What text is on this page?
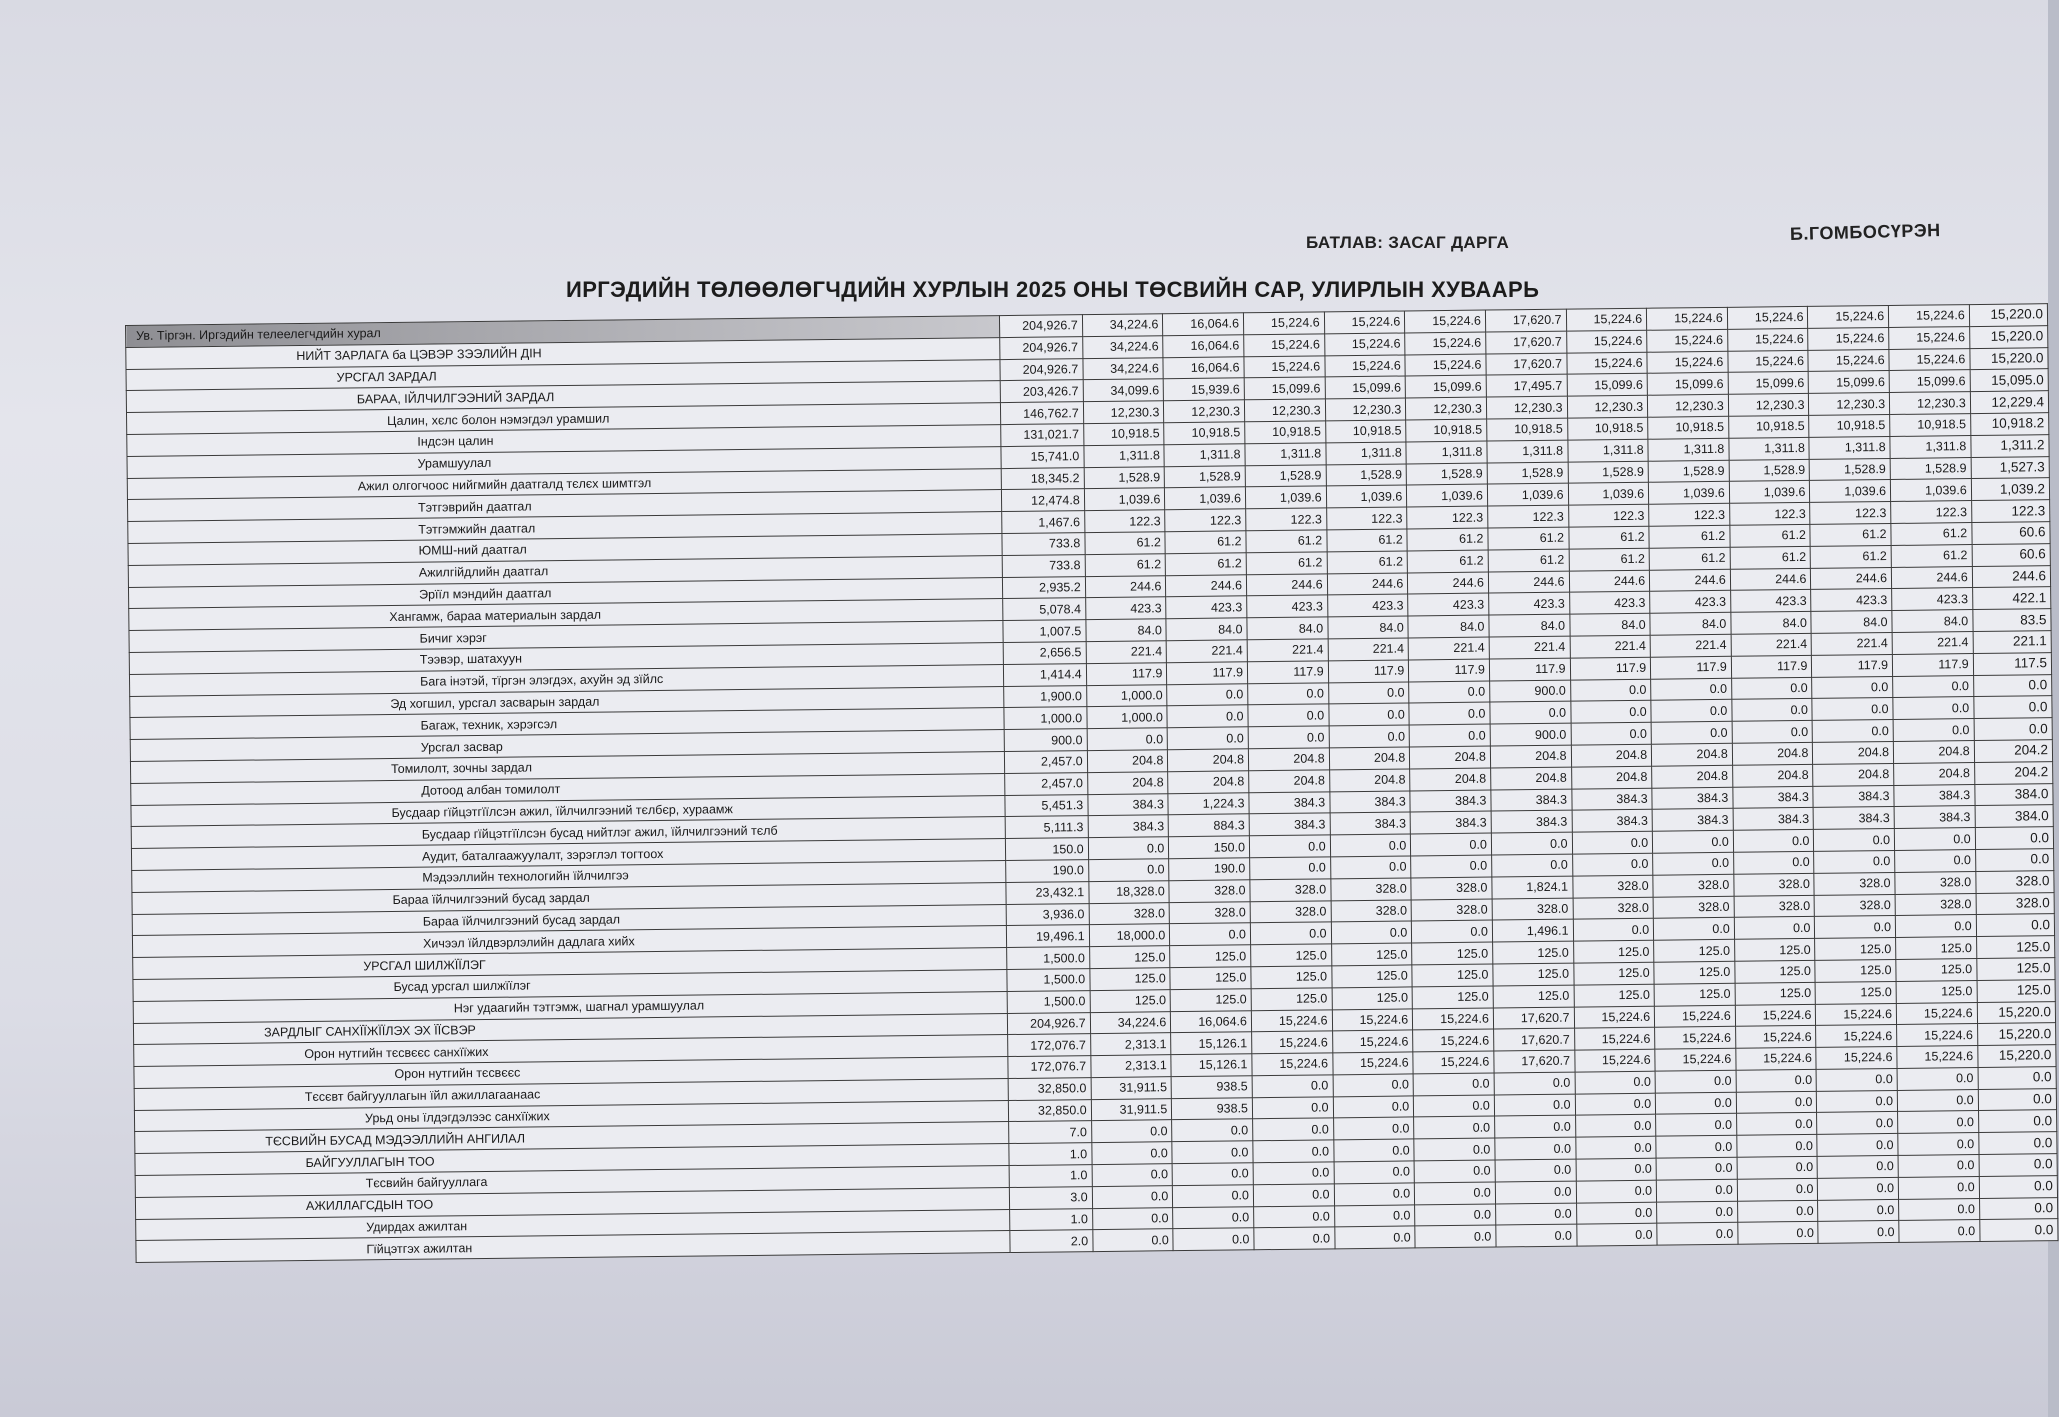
БАТЛАВ: ЗАСАГ ДАРГА	Б.ГОМБОСҮРЭН
ИРГЭДИЙН ТӨЛӨӨЛӨГЧДИЙН ХУРЛЫН 2025 ОНЫ ТӨСВИЙН САР, УЛИРЛЫН ХУВААРЬ
Ув. Тіргэн. Иргэдийн телеелегчдийн хурал	204,926.7	34,224.6	16,064.6	15,224.6	15,224.6	15,224.6	17,620.7	15,224.6	15,224.6	15,224.6	15,224.6	15,224.6	15,220.0
НИЙТ ЗАРЛАГА ба ЦЭВЭР ЗЭЭЛИЙН ДІН	204,926.7	34,224.6	16,064.6	15,224.6	15,224.6	15,224.6	17,620.7	15,224.6	15,224.6	15,224.6	15,224.6	15,224.6	15,220.0
УРСГАЛ ЗАРДАЛ	204,926.7	34,224.6	16,064.6	15,224.6	15,224.6	15,224.6	17,620.7	15,224.6	15,224.6	15,224.6	15,224.6	15,224.6	15,220.0
БАРАА, ІЙЛЧИЛГЭЭНИЙ ЗАРДАЛ	203,426.7	34,099.6	15,939.6	15,099.6	15,099.6	15,099.6	17,495.7	15,099.6	15,099.6	15,099.6	15,099.6	15,099.6	15,095.0
Цалин, хєлс болон нэмэгдэл урамшил	146,762.7	12,230.3	12,230.3	12,230.3	12,230.3	12,230.3	12,230.3	12,230.3	12,230.3	12,230.3	12,230.3	12,230.3	12,229.4
Індсэн цалин	131,021.7	10,918.5	10,918.5	10,918.5	10,918.5	10,918.5	10,918.5	10,918.5	10,918.5	10,918.5	10,918.5	10,918.5	10,918.2
Урамшуулал	15,741.0	1,311.8	1,311.8	1,311.8	1,311.8	1,311.8	1,311.8	1,311.8	1,311.8	1,311.8	1,311.8	1,311.8	1,311.2
Ажил олгогчоос нийгмийн даатгалд тєлєх шимтгэл	18,345.2	1,528.9	1,528.9	1,528.9	1,528.9	1,528.9	1,528.9	1,528.9	1,528.9	1,528.9	1,528.9	1,528.9	1,527.3
Тэтгэврийн даатгал	12,474.8	1,039.6	1,039.6	1,039.6	1,039.6	1,039.6	1,039.6	1,039.6	1,039.6	1,039.6	1,039.6	1,039.6	1,039.2
Тэтгэмжийн даатгал	1,467.6	122.3	122.3	122.3	122.3	122.3	122.3	122.3	122.3	122.3	122.3	122.3	122.3
ЮМШ-ний даатгал	733.8	61.2	61.2	61.2	61.2	61.2	61.2	61.2	61.2	61.2	61.2	61.2	60.6
Ажилгійдлийн даатгал	733.8	61.2	61.2	61.2	61.2	61.2	61.2	61.2	61.2	61.2	61.2	61.2	60.6
Эрїїл мэндийн даатгал	2,935.2	244.6	244.6	244.6	244.6	244.6	244.6	244.6	244.6	244.6	244.6	244.6	244.6
Хангамж, бараа материалын зардал	5,078.4	423.3	423.3	423.3	423.3	423.3	423.3	423.3	423.3	423.3	423.3	423.3	422.1
Бичиг хэрэг	1,007.5	84.0	84.0	84.0	84.0	84.0	84.0	84.0	84.0	84.0	84.0	84.0	83.5
Тээвэр, шатахуун	2,656.5	221.4	221.4	221.4	221.4	221.4	221.4	221.4	221.4	221.4	221.4	221.4	221.1
Бага інэтэй, тїргэн элэгдэх, ахуйн эд зїйлс	1,414.4	117.9	117.9	117.9	117.9	117.9	117.9	117.9	117.9	117.9	117.9	117.9	117.5
Эд хогшил, урсгал засварын зардал	1,900.0	1,000.0	0.0	0.0	0.0	0.0	900.0	0.0	0.0	0.0	0.0	0.0	0.0
Багаж, техник, хэрэгсэл	1,000.0	1,000.0	0.0	0.0	0.0	0.0	0.0	0.0	0.0	0.0	0.0	0.0	0.0
Урсгал засвар	900.0	0.0	0.0	0.0	0.0	0.0	900.0	0.0	0.0	0.0	0.0	0.0	0.0
Томилолт, зочны зардал	2,457.0	204.8	204.8	204.8	204.8	204.8	204.8	204.8	204.8	204.8	204.8	204.8	204.2
Дотоод албан томилолт	2,457.0	204.8	204.8	204.8	204.8	204.8	204.8	204.8	204.8	204.8	204.8	204.8	204.2
Бусдаар гїйцэтгїїлсэн ажил, їйлчилгээний тєлбєр, хураамж	5,451.3	384.3	1,224.3	384.3	384.3	384.3	384.3	384.3	384.3	384.3	384.3	384.3	384.0
Бусдаар гїйцэтгїїлсэн бусад нийтлэг ажил, їйлчилгээний тєлб	5,111.3	384.3	884.3	384.3	384.3	384.3	384.3	384.3	384.3	384.3	384.3	384.3	384.0
Аудит, баталгаажуулалт, зэрэглэл тогтоох	150.0	0.0	150.0	0.0	0.0	0.0	0.0	0.0	0.0	0.0	0.0	0.0	0.0
Мэдээллийн технологийн їйлчилгээ	190.0	0.0	190.0	0.0	0.0	0.0	0.0	0.0	0.0	0.0	0.0	0.0	0.0
Бараа їйлчилгээний бусад зардал	23,432.1	18,328.0	328.0	328.0	328.0	328.0	1,824.1	328.0	328.0	328.0	328.0	328.0	328.0
Бараа їйлчилгээний бусад зардал	3,936.0	328.0	328.0	328.0	328.0	328.0	328.0	328.0	328.0	328.0	328.0	328.0	328.0
Хичээл їйлдвэрлэлийн дадлага хийх	19,496.1	18,000.0	0.0	0.0	0.0	0.0	1,496.1	0.0	0.0	0.0	0.0	0.0	0.0
УРСГАЛ ШИЛЖЇЇЛЭГ	1,500.0	125.0	125.0	125.0	125.0	125.0	125.0	125.0	125.0	125.0	125.0	125.0	125.0
Бусад урсгал шилжїїлэг	1,500.0	125.0	125.0	125.0	125.0	125.0	125.0	125.0	125.0	125.0	125.0	125.0	125.0
Нэг удаагийн тэтгэмж, шагнал урамшуулал	1,500.0	125.0	125.0	125.0	125.0	125.0	125.0	125.0	125.0	125.0	125.0	125.0	125.0
ЗАРДЛЫГ САНХЇЇЖЇЇЛЭХ ЭХ ЇЇСВЭР	204,926.7	34,224.6	16,064.6	15,224.6	15,224.6	15,224.6	17,620.7	15,224.6	15,224.6	15,224.6	15,224.6	15,224.6	15,220.0
Орон нутгийн тєсвєєс санхїїжих	172,076.7	2,313.1	15,126.1	15,224.6	15,224.6	15,224.6	17,620.7	15,224.6	15,224.6	15,224.6	15,224.6	15,224.6	15,220.0
Орон нутгийн тєсвєєс	172,076.7	2,313.1	15,126.1	15,224.6	15,224.6	15,224.6	17,620.7	15,224.6	15,224.6	15,224.6	15,224.6	15,224.6	15,220.0
Тєсєвт байгууллагын їйл ажиллагаанаас	32,850.0	31,911.5	938.5	0.0	0.0	0.0	0.0	0.0	0.0	0.0	0.0	0.0	0.0
Урьд оны їлдэгдэлээс санхїїжих	32,850.0	31,911.5	938.5	0.0	0.0	0.0	0.0	0.0	0.0	0.0	0.0	0.0	0.0
ТЄСВИЙН БУСАД МЭДЭЭЛЛИЙН АНГИЛАЛ	7.0	0.0	0.0	0.0	0.0	0.0	0.0	0.0	0.0	0.0	0.0	0.0	0.0
БАЙГУУЛЛАГЫН ТОО	1.0	0.0	0.0	0.0	0.0	0.0	0.0	0.0	0.0	0.0	0.0	0.0	0.0
Тєсвийн байгууллага	1.0	0.0	0.0	0.0	0.0	0.0	0.0	0.0	0.0	0.0	0.0	0.0	0.0
АЖИЛЛАГСДЫН ТОО	3.0	0.0	0.0	0.0	0.0	0.0	0.0	0.0	0.0	0.0	0.0	0.0	0.0
Удирдах ажилтан	1.0	0.0	0.0	0.0	0.0	0.0	0.0	0.0	0.0	0.0	0.0	0.0	0.0
Гїйцэтгэх ажилтан	2.0	0.0	0.0	0.0	0.0	0.0	0.0	0.0	0.0	0.0	0.0	0.0	0.0
